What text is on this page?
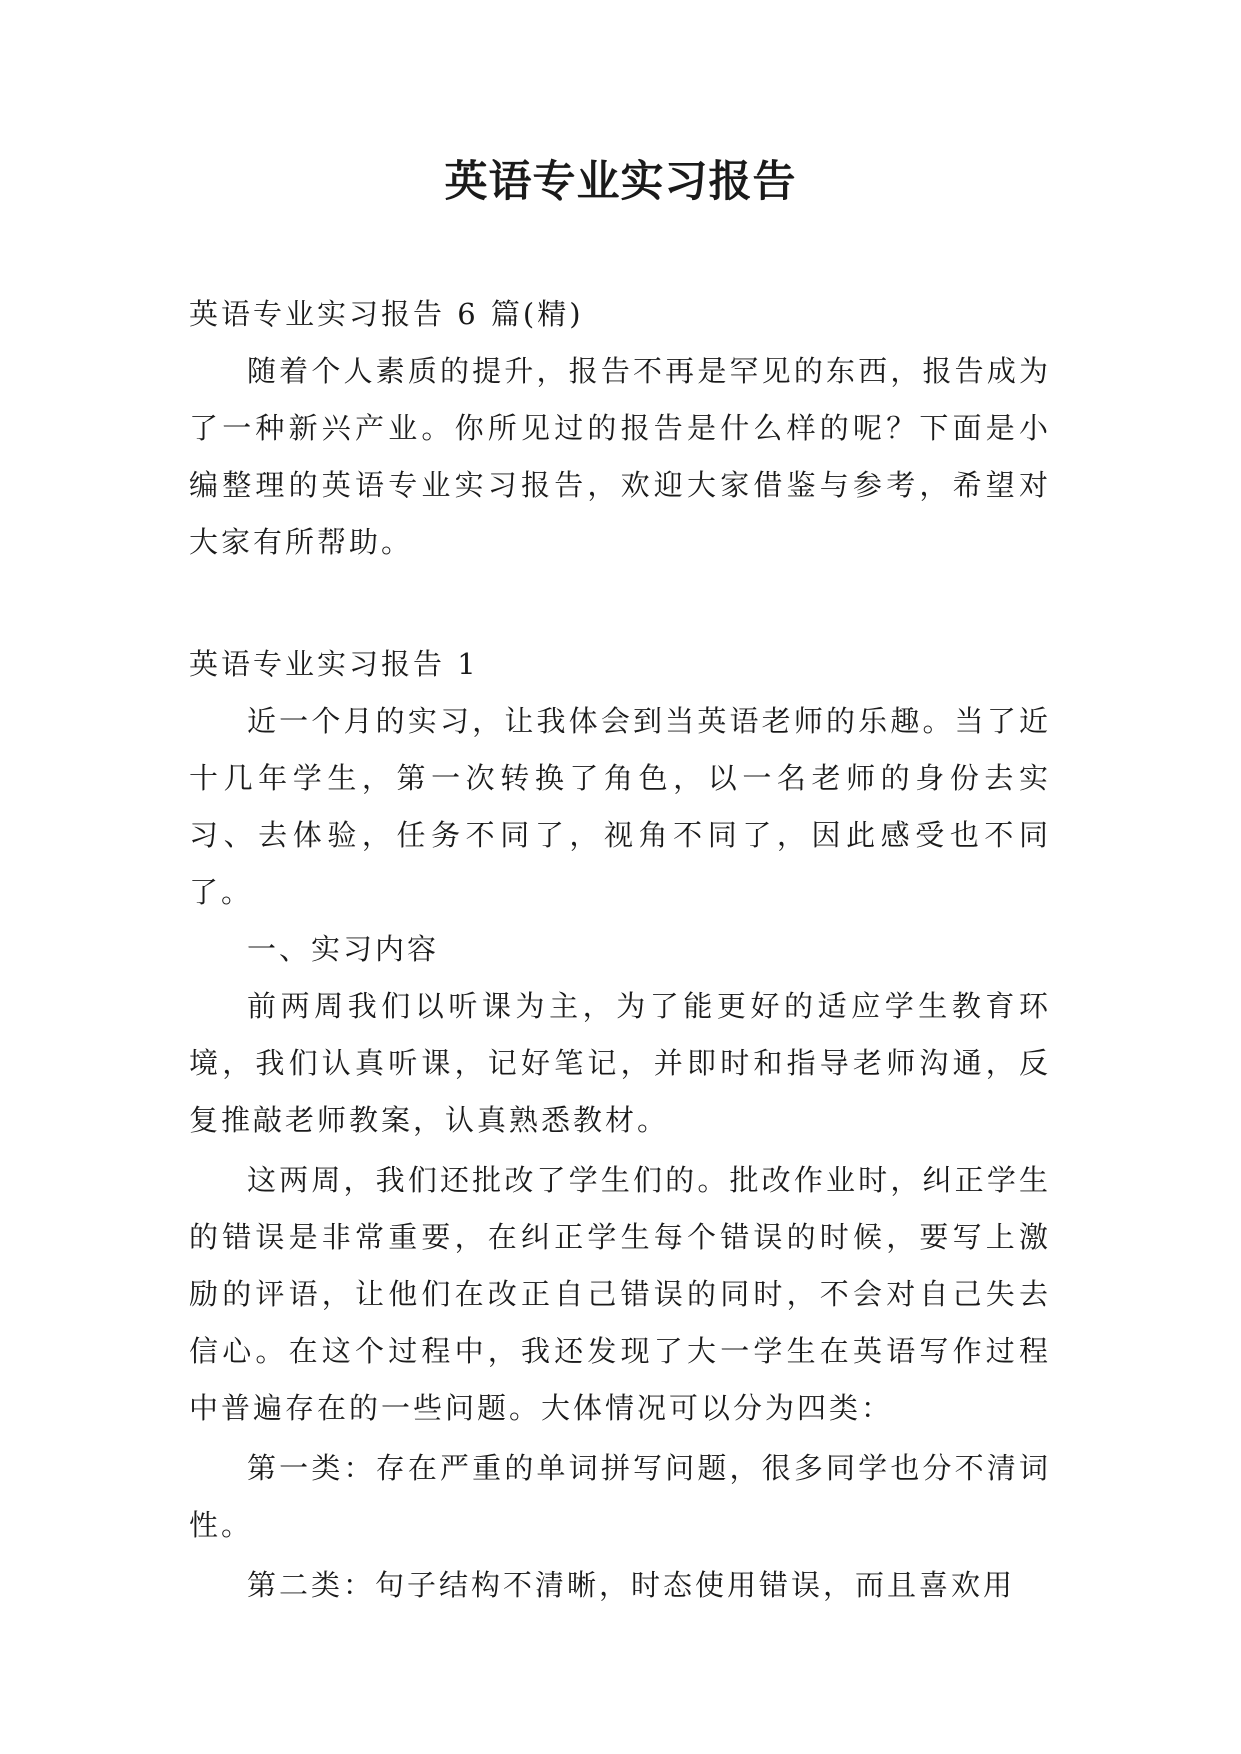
英语专业实习报告

英语专业实习报告 6 篇(精)

随着个人素质的提升，报告不再是罕见的东西，报告成为了一种新兴产业。你所见过的报告是什么样的呢？下面是小编整理的英语专业实习报告，欢迎大家借鉴与参考，希望对大家有所帮助。

英语专业实习报告 1

近一个月的实习，让我体会到当英语老师的乐趣。当了近十几年学生，第一次转换了角色，以一名老师的身份去实习、去体验，任务不同了，视角不同了，因此感受也不同了。

一、实习内容

前两周我们以听课为主，为了能更好的适应学生教育环境，我们认真听课，记好笔记，并即时和指导老师沟通，反复推敲老师教案，认真熟悉教材。

这两周，我们还批改了学生们的。批改作业时，纠正学生的错误是非常重要，在纠正学生每个错误的时候，要写上激励的评语，让他们在改正自己错误的同时，不会对自己失去信心。在这个过程中，我还发现了大一学生在英语写作过程中普遍存在的一些问题。大体情况可以分为四类：

第一类：存在严重的单词拼写问题，很多同学也分不清词性。

第二类：句子结构不清晰，时态使用错误，而且喜欢用
